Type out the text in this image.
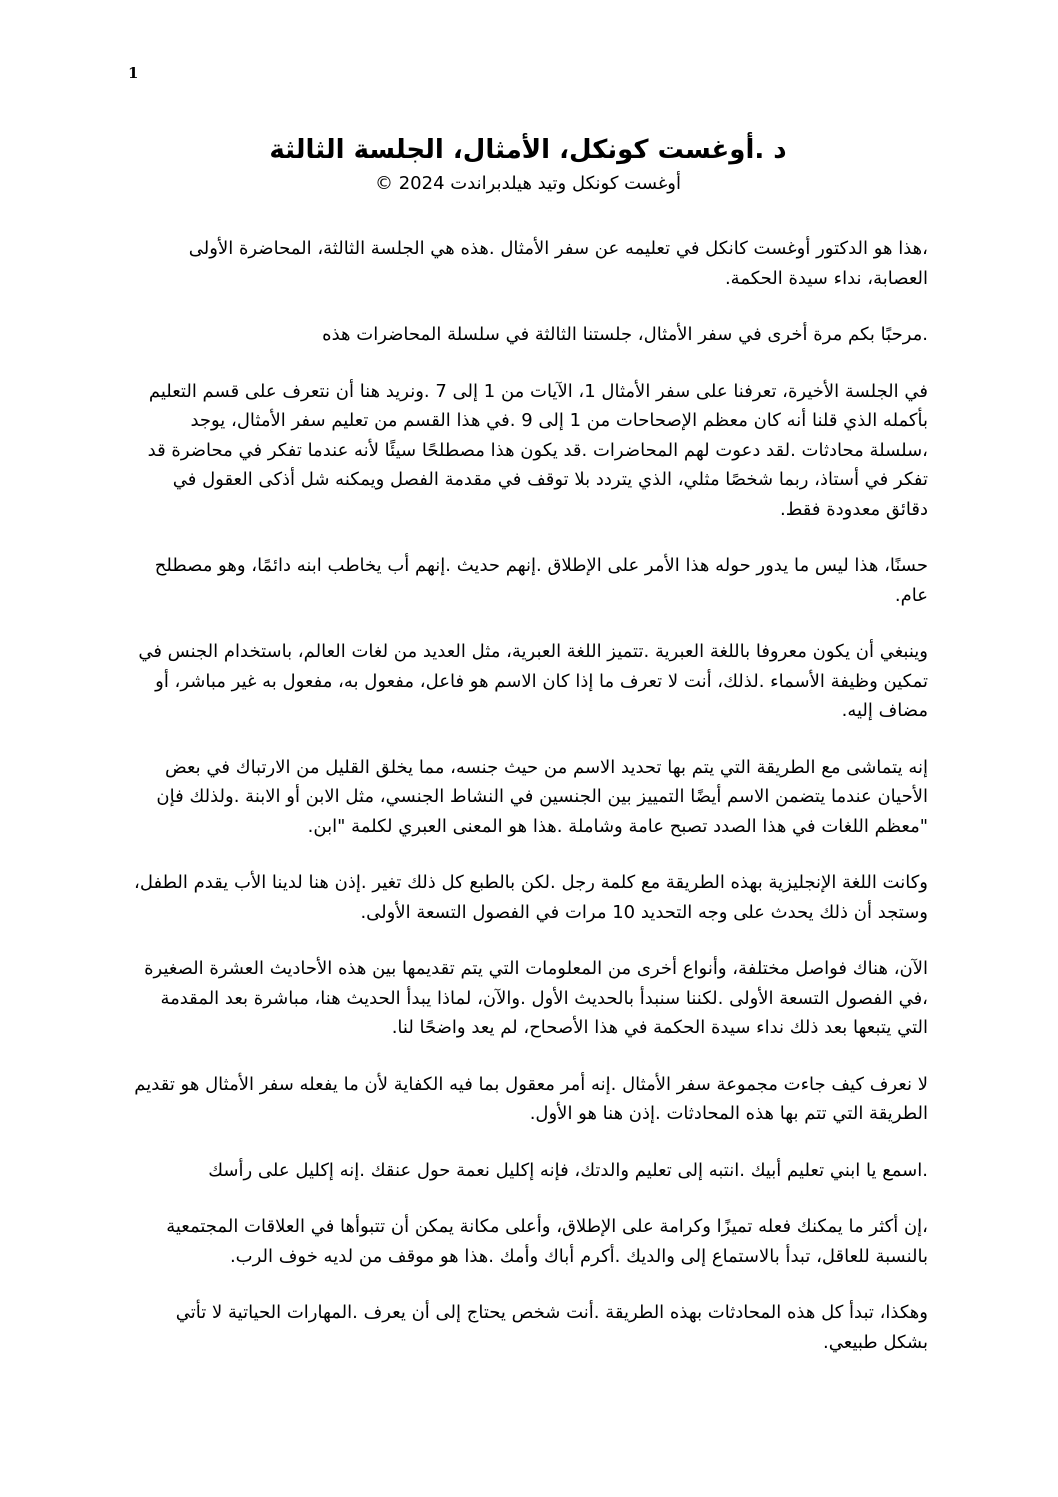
1
د .أوغست كونكل، الأمثال، الجلسة الثالثة
أوغست كونكل وتيد هيلدبراندت 2024 ©

،هذا هو الدكتور أوغست كانكل في تعليمه عن سفر الأمثال .هذه هي الجلسة الثالثة، المحاضرة الأولى العصابة، نداء سيدة الحكمة.

.مرحبًا بكم مرة أخرى في سفر الأمثال، جلستنا الثالثة في سلسلة المحاضرات هذه

في الجلسة الأخيرة، تعرفنا على سفر الأمثال 1، الآيات من 1 إلى 7 .ونريد هنا أن نتعرف على قسم التعليم بأكمله الذي قلنا أنه كان معظم الإصحاحات من 1 إلى 9 .في هذا القسم من تعليم سفر الأمثال، يوجد ،سلسلة محادثات .لقد دعوت لهم المحاضرات .قد يكون هذا مصطلحًا سيئًا لأنه عندما تفكر في محاضرة قد تفكر في أستاذ، ربما شخصًا مثلي، الذي يتردد بلا توقف في مقدمة الفصل ويمكنه شل أذكى العقول في دقائق معدودة فقط.

حسنًا، هذا ليس ما يدور حوله هذا الأمر على الإطلاق .إنهم حديث .إنهم أب يخاطب ابنه دائمًا، وهو مصطلح عام.

وينبغي أن يكون معروفا باللغة العبرية .تتميز اللغة العبرية، مثل العديد من لغات العالم، باستخدام الجنس في تمكين وظيفة الأسماء .لذلك، أنت لا تعرف ما إذا كان الاسم هو فاعل، مفعول به، مفعول به غير مباشر، أو مضاف إليه.

إنه يتماشى مع الطريقة التي يتم بها تحديد الاسم من حيث جنسه، مما يخلق القليل من الارتباك في بعض الأحيان عندما يتضمن الاسم أيضًا التمييز بين الجنسين في النشاط الجنسي، مثل الابن أو الابنة .ولذلك فإن "معظم اللغات في هذا الصدد تصبح عامة وشاملة .هذا هو المعنى العبري لكلمة "ابن.

وكانت اللغة الإنجليزية بهذه الطريقة مع كلمة رجل .لكن بالطبع كل ذلك تغير .إذن هنا لدينا الأب يقدم الطفل، وستجد أن ذلك يحدث على وجه التحديد 10 مرات في الفصول التسعة الأولى.

الآن، هناك فواصل مختلفة، وأنواع أخرى من المعلومات التي يتم تقديمها بين هذه الأحاديث العشرة الصغيرة ،في الفصول التسعة الأولى .لكننا سنبدأ بالحديث الأول .والآن، لماذا يبدأ الحديث هنا، مباشرة بعد المقدمة التي يتبعها بعد ذلك نداء سيدة الحكمة في هذا الأصحاح، لم يعد واضحًا لنا.

لا نعرف كيف جاءت مجموعة سفر الأمثال .إنه أمر معقول بما فيه الكفاية لأن ما يفعله سفر الأمثال هو تقديم الطريقة التي تتم بها هذه المحادثات .إذن هنا هو الأول.

.اسمع يا ابني تعليم أبيك .انتبه إلى تعليم والدتك، فإنه إكليل نعمة حول عنقك .إنه إكليل على رأسك

،إن أكثر ما يمكنك فعله تميزًا وكرامة على الإطلاق، وأعلى مكانة يمكن أن تتبوأها في العلاقات المجتمعية بالنسبة للعاقل، تبدأ بالاستماع إلى والديك .أكرم أباك وأمك .هذا هو موقف من لديه خوف الرب.

وهكذا، تبدأ كل هذه المحادثات بهذه الطريقة .أنت شخص يحتاج إلى أن يعرف .المهارات الحياتية لا تأتي بشكل طبيعي.
